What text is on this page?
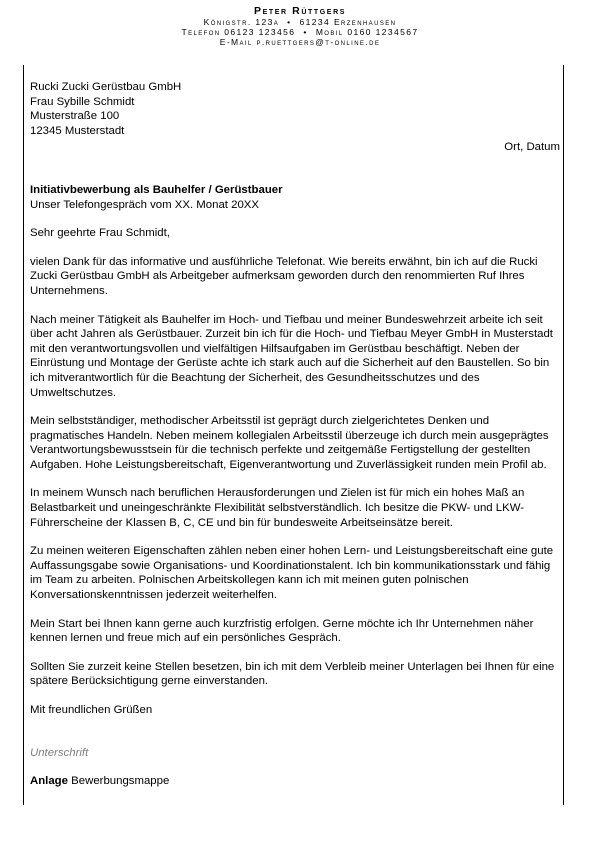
Peter Rüttgers

Königstr. 123a • 61234 Erzenhausen

Telefon 06123 123456 • Mobil 0160 1234567

E-Mail p.ruettgers@t-online.de

Rucki Zucki Gerüstbau GmbH

Frau Sybille Schmidt

Musterstraße 100

12345 Musterstadt

Ort, Datum

Initiativbewerbung als Bauhelfer / Gerüstbauer

Unser Telefongespräch vom XX. Monat 20XX

Sehr geehrte Frau Schmidt,

vielen Dank für das informative und ausführliche Telefonat. Wie bereits erwähnt, bin ich auf die Rucki Zucki Gerüstbau GmbH als Arbeitgeber aufmerksam geworden durch den renommierten Ruf Ihres Unternehmens.

Nach meiner Tätigkeit als Bauhelfer im Hoch- und Tiefbau und meiner Bundeswehrzeit arbeite ich seit über acht Jahren als Gerüstbauer. Zurzeit bin ich für die Hoch- und Tiefbau Meyer GmbH in Musterstadt mit den verantwortungsvollen und vielfältigen Hilfsaufgaben im Gerüstbau beschäftigt. Neben der Einrüstung und Montage der Gerüste achte ich stark auch auf die Sicherheit auf den Baustellen. So bin ich mitverantwortlich für die Beachtung der Sicherheit, des Gesundheitsschutzes und des Umweltschutzes.

Mein selbstständiger, methodischer Arbeitsstil ist geprägt durch zielgerichtetes Denken und pragmatisches Handeln. Neben meinem kollegialen Arbeitsstil überzeuge ich durch mein ausgeprägtes Verantwortungsbewusstsein für die technisch perfekte und zeitgemäße Fertigstellung der gestellten Aufgaben. Hohe Leistungsbereitschaft, Eigenverantwortung und Zuverlässigkeit runden mein Profil ab.

In meinem Wunsch nach beruflichen Herausforderungen und Zielen ist für mich ein hohes Maß an Belastbarkeit und uneingeschränkte Flexibilität selbstverständlich. Ich besitze die PKW- und LKW-Führerscheine der Klassen B, C, CE und bin für bundesweite Arbeitseinsätze bereit.

Zu meinen weiteren Eigenschaften zählen neben einer hohen Lern- und Leistungsbereitschaft eine gute Auffassungsgabe sowie Organisations- und Koordinationstalent. Ich bin kommunikationsstark und fähig im Team zu arbeiten. Polnischen Arbeitskollegen kann ich mit meinen guten polnischen Konversationskenntnissen jederzeit weiterhelfen.

Mein Start bei Ihnen kann gerne auch kurzfristig erfolgen. Gerne möchte ich Ihr Unternehmen näher kennen lernen und freue mich auf ein persönliches Gespräch.

Sollten Sie zurzeit keine Stellen besetzen, bin ich mit dem Verbleib meiner Unterlagen bei Ihnen für eine spätere Berücksichtigung gerne einverstanden.

Mit freundlichen Grüßen

Unterschrift

Anlage Bewerbungsmappe
